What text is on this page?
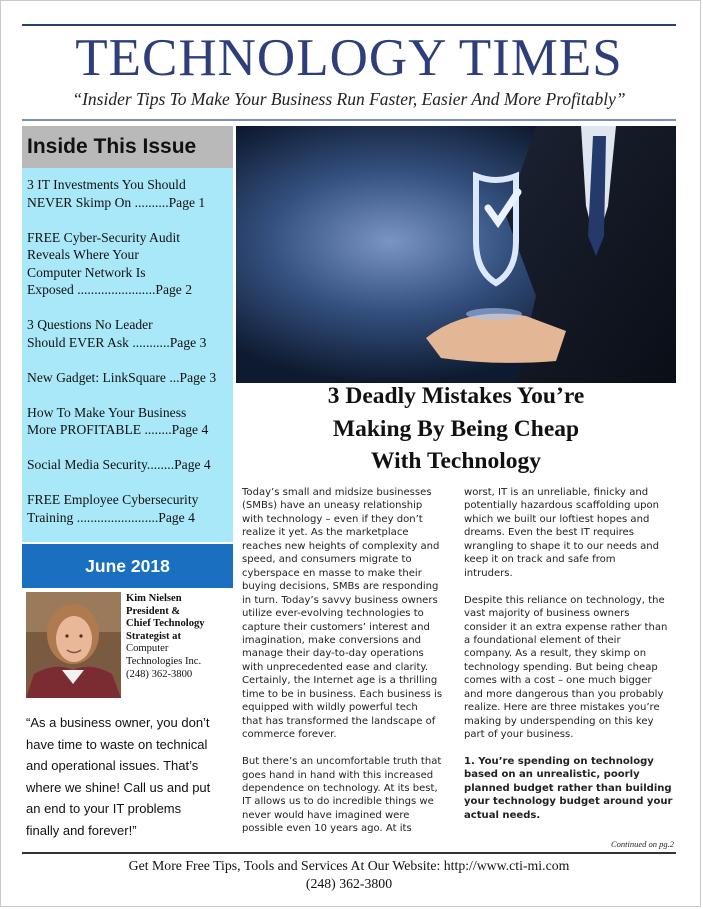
TECHNOLOGY TIMES
“Insider Tips To Make Your Business Run Faster, Easier And More Profitably”
Inside This Issue
3 IT Investments You Should
NEVER Skimp On ..........Page 1
FREE Cyber-Security Audit
Reveals Where Your
Computer Network Is
Exposed .......................Page 2
3 Questions No Leader
Should EVER Ask ...........Page 3
New Gadget: LinkSquare ...Page 3
How To Make Your Business
More PROFITABLE ........Page 4
Social Media Security........Page 4
FREE Employee Cybersecurity
Training ........................Page 4
June 2018
Kim Nielsen
President &
Chief Technology
Strategist at
Computer
Technologies Inc.
(248) 362-3800
“As a business owner, you don’t
have time to waste on technical
and operational issues. That’s
where we shine! Call us and put
an end to your IT problems
finally and forever!”
3 Deadly Mistakes You’re
Making By Being Cheap
With Technology
Today’s small and midsize businesses
(SMBs) have an uneasy relationship
with technology – even if they don’t
realize it yet. As the marketplace
reaches new heights of complexity and
speed, and consumers migrate to
cyberspace en masse to make their
buying decisions, SMBs are responding
in turn. Today’s savvy business owners
utilize ever-evolving technologies to
capture their customers’ interest and
imagination, make conversions and
manage their day-to-day operations
with unprecedented ease and clarity.
Certainly, the Internet age is a thrilling
time to be in business. Each business is
equipped with wildly powerful tech
that has transformed the landscape of
commerce forever.
But there’s an uncomfortable truth that
goes hand in hand with this increased
dependence on technology. At its best,
IT allows us to do incredible things we
never would have imagined were
possible even 10 years ago. At its
worst, IT is an unreliable, finicky and
potentially hazardous scaffolding upon
which we built our loftiest hopes and
dreams. Even the best IT requires
wrangling to shape it to our needs and
keep it on track and safe from
intruders.
Despite this reliance on technology, the
vast majority of business owners
consider it an extra expense rather than
a foundational element of their
company. As a result, they skimp on
technology spending. But being cheap
comes with a cost – one much bigger
and more dangerous than you probably
realize. Here are three mistakes you’re
making by underspending on this key
part of your business.
1. You’re spending on technology
based on an unrealistic, poorly
planned budget rather than building
your technology budget around your
actual needs.
Continued on pg.2
Get More Free Tips, Tools and Services At Our Website: http://www.cti-mi.com
(248) 362-3800
